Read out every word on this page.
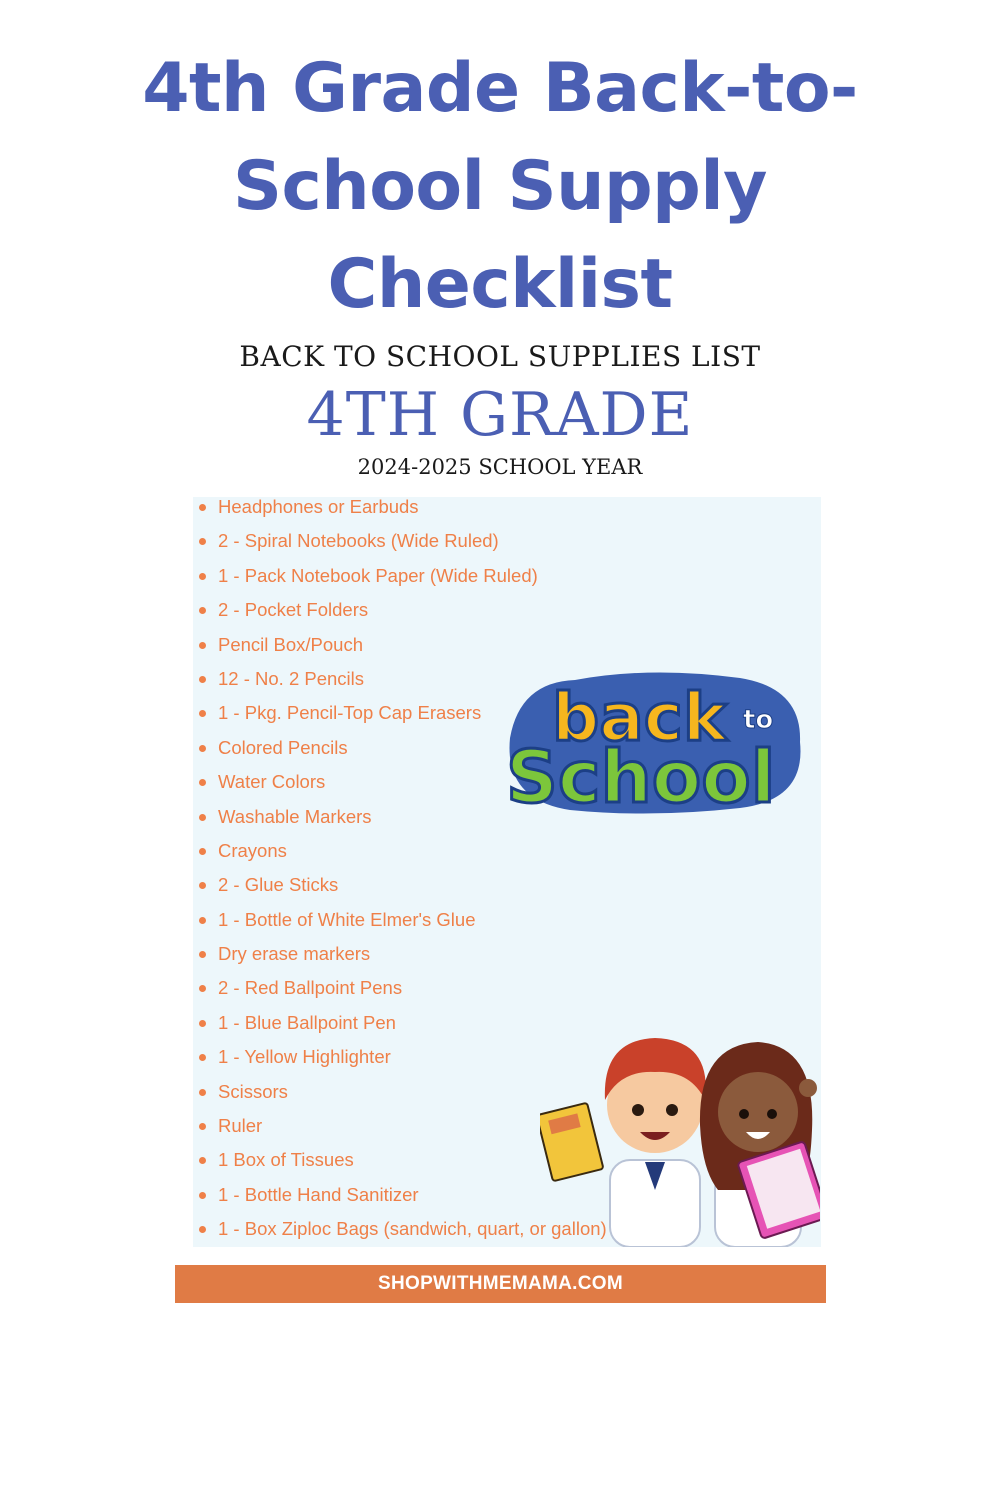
4th Grade Back-to-
School Supply
Checklist
BACK TO SCHOOL SUPPLIES LIST
4TH GRADE
2024-2025 SCHOOL YEAR
Headphones or Earbuds
2 - Spiral Notebooks (Wide Ruled)
1 - Pack Notebook Paper (Wide Ruled)
2 - Pocket Folders
Pencil Box/Pouch
12 - No. 2 Pencils
1 - Pkg. Pencil-Top Cap Erasers
Colored Pencils
Water Colors
Washable Markers
Crayons
2 - Glue Sticks
1 - Bottle of White Elmer's Glue
Dry erase markers
2 - Red Ballpoint Pens
1 - Blue Ballpoint Pen
1 - Yellow Highlighter
Scissors
Ruler
1 Box of Tissues
1 - Bottle Hand Sanitizer
1 - Box Ziploc Bags (sandwich, quart, or gallon)
back to
School
SHOPWITHMEMAMA.COM
